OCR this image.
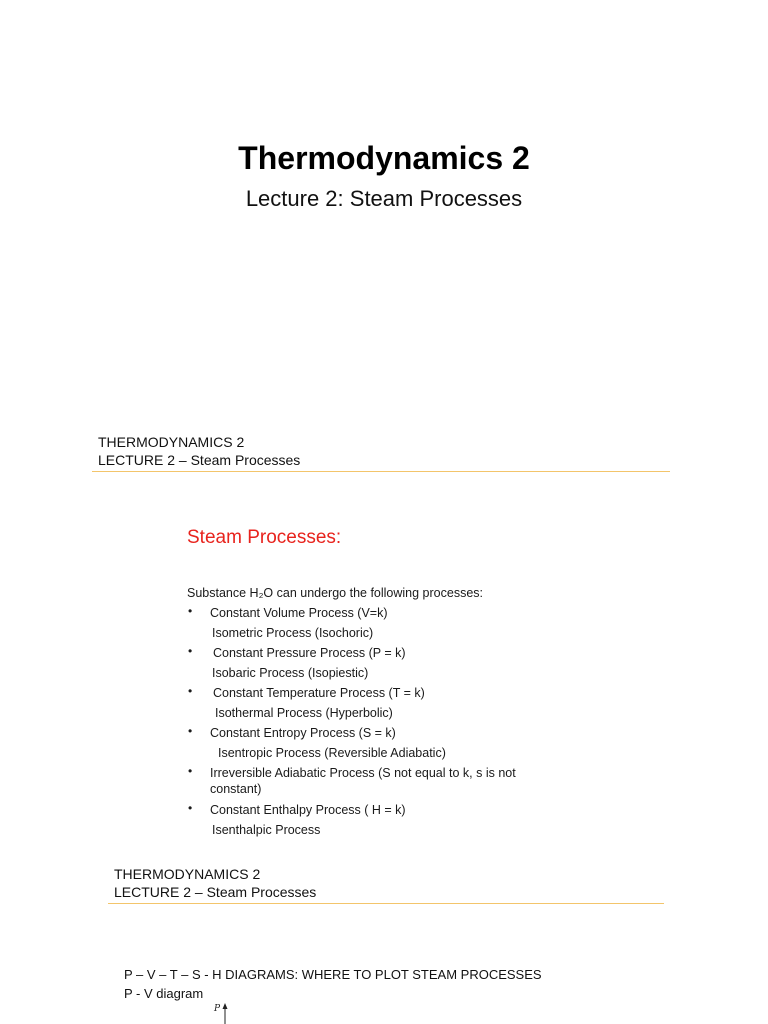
Thermodynamics 2
Lecture 2: Steam Processes
THERMODYNAMICS 2
LECTURE 2 – Steam Processes
Steam Processes:
Substance H₂O can undergo the following processes:
• Constant Volume Process (V=k)
Isometric Process (Isochoric)
• Constant Pressure Process (P = k)
Isobaric Process (Isopiestic)
• Constant Temperature Process (T = k)
Isothermal Process (Hyperbolic)
• Constant Entropy Process (S = k)
Isentropic Process (Reversible Adiabatic)
• Irreversible Adiabatic Process (S not equal to k, s is not
constant)
• Constant Enthalpy Process ( H = k)
Isenthalpic Process
THERMODYNAMICS 2
LECTURE 2 – Steam Processes
P – V – T – S - H DIAGRAMS: WHERE TO PLOT STEAM PROCESSES
P - V diagram
P
